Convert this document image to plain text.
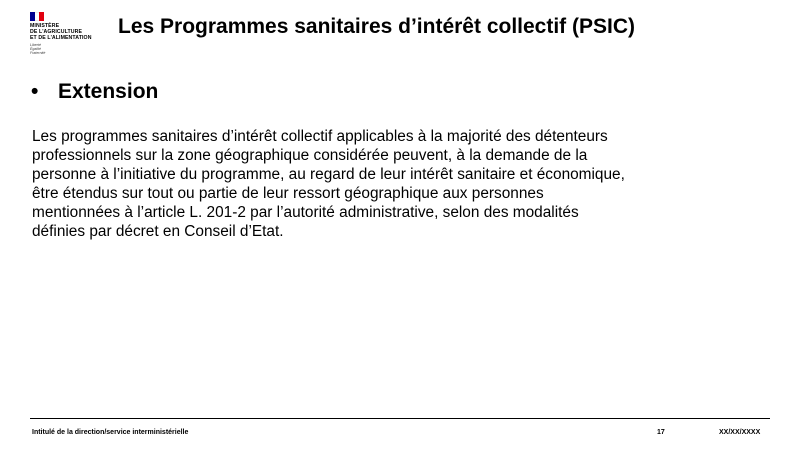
MINISTÈRE
DE L'AGRICULTURE
ET DE L'ALIMENTATION
Liberté
Égalité
Fraternité
Les Programmes sanitaires d’intérêt collectif (PSIC)
• Extension
Les programmes sanitaires d’intérêt collectif applicables à la majorité des détenteurs
professionnels sur la zone géographique considérée peuvent, à la demande de la
personne à l’initiative du programme, au regard de leur intérêt sanitaire et économique,
être étendus sur tout ou partie de leur ressort géographique aux personnes
mentionnées à l’article L. 201-2 par l’autorité administrative, selon des modalités
définies par décret en Conseil d’Etat.
Intitulé de la direction/service interministérielle	17	XX/XX/XXXX
